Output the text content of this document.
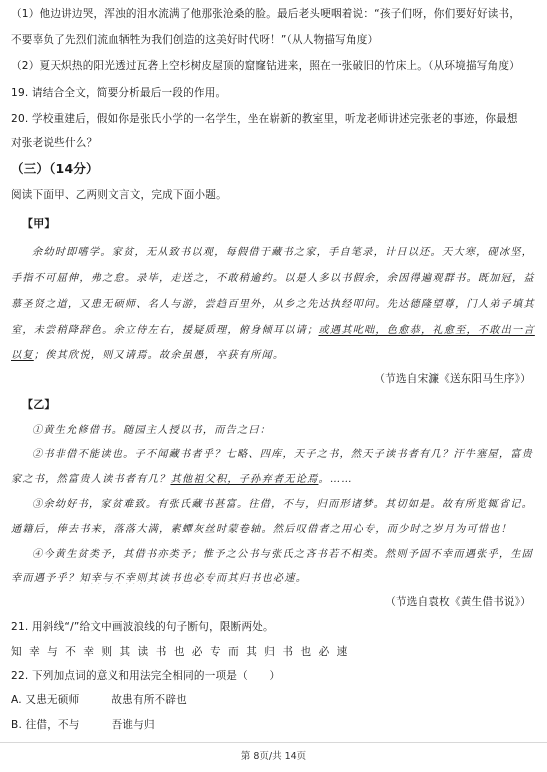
（1）他边讲边哭，浑浊的泪水流满了他那张沧桑的脸。最后老头哽咽着说：“孩子们呀，你们要好好读书，
不要辜负了先烈们流血牺牲为我们创造的这美好时代呀！”（从人物描写角度）
（2）夏天炽热的阳光透过瓦砻上空杉树皮屋顶的窟窿钻进来，照在一张破旧的竹床上。（从环境描写角度）
19. 请结合全文，简要分析最后一段的作用。
20. 学校重建后，假如你是张氏小学的一名学生，坐在崭新的教室里，听龙老师讲述完张老的事迹，你最想
对张老说些什么？
（三）（14分）
阅读下面甲、乙两则文言文，完成下面小题。
【甲】
余幼时即嗜学。家贫，无从致书以观，每假借于藏书之家，手自笔录，计日以还。天大寒，砚冰坚，
手指不可屈伸，弗之怠。录毕，走送之，不敢稍逾约。以是人多以书假余，余因得遍观群书。既加冠，益
慕圣贤之道，又患无硕师、名人与游，尝趋百里外，从乡之先达执经叩问。先达德隆望尊，门人弟子填其
室，未尝稍降辞色。余立侍左右，援疑质理，俯身倾耳以请；或遇其叱咄，色愈恭，礼愈至，不敢出一言
以复；俟其欣悦，则又请焉。故余虽愚，卒获有所闻。
（节选自宋濂《送东阳马生序》）
【乙】
①黄生允修借书。随园主人授以书，而告之曰：
②书非借不能读也。子不闻藏书者乎？七略、四库，天子之书，然天子读书者有几？汗牛塞屋，富贵
家之书，然富贵人读书者有几？其他祖父积，子孙弃者无论焉。……
③余幼好书，家贫难致。有张氏藏书甚富。往借，不与，归而形诸梦。其切如是。故有所览辄省记。
通籍后，俸去书来，落落大满，素蟫灰丝时蒙卷轴。然后叹借者之用心专，而少时之岁月为可惜也！
④今黄生贫类予，其借书亦类予；惟予之公书与张氏之吝书若不相类。然则予固不幸而遇张乎，生固
幸而遇予乎？知幸与不幸则其读书也必专而其归书也必速。
（节选自袁枚《黄生借书说》）
21. 用斜线“/”给文中画波浪线的句子断句，限断两处。
知幸与不幸则其读书也必专而其归书也必速
22. 下列加点词的意义和用法完全相同的一项是（　　）
A. 又患无硕师	故患有所不辟也
B. 往借，不与	吾谁与归
第 8页/共 14页
